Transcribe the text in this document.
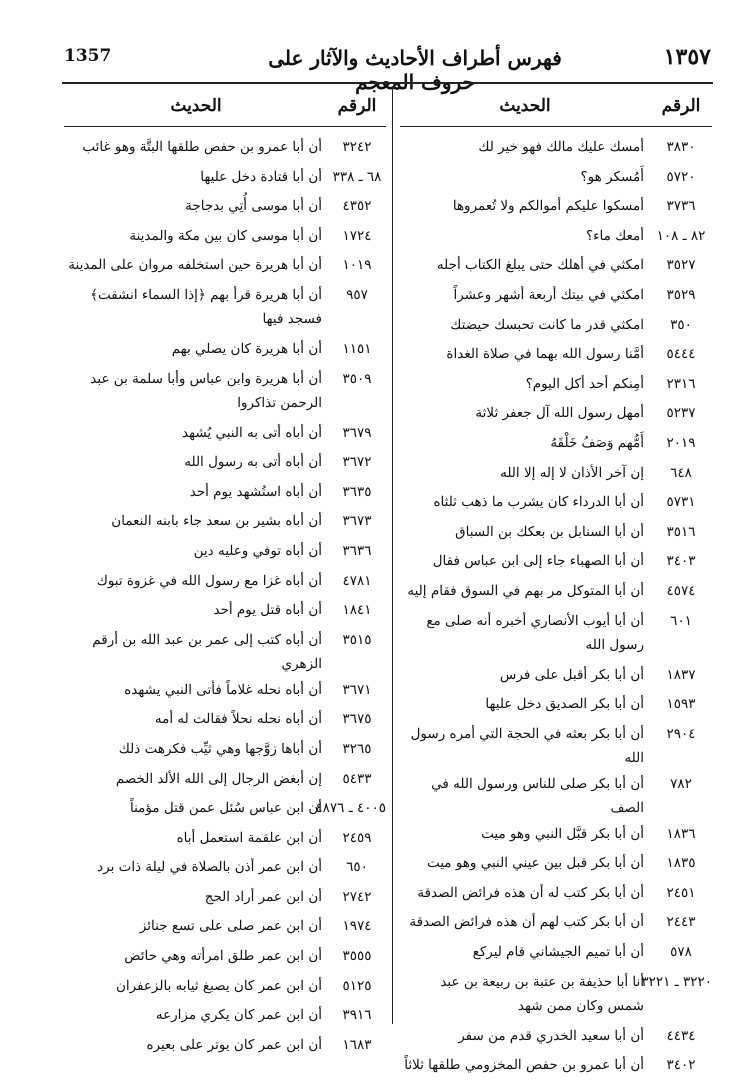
1357	فهرس أطراف الأحاديث والآثار على حروف المعجم
١٣٥٧
الرقم
الحديث
٣٨٣٠
أمسك عليك مالك فهو خير لك
٥٧٢٠
أَمُسكر هو؟
٣٧٣٦
أمسكوا عليكم أموالكم ولا تُعمروها
٨٢ ـ ١٠٨
أمعك ماء؟
٣٥٢٧
امكثي في أهلك حتى يبلغ الكتاب أجله
٣٥٢٩
امكثي في بيتك أربعة أشهر وعشراً
٣٥٠
امكثي قدر ما كانت تحبسك حيضتك
٥٤٤٤
أمَّنا رسول الله بهما في صلاة الغداة
٢٣١٦
أمِنكم أحد أكل اليوم؟
٥٢٣٧
أمهل رسول الله آل جعفر ثلاثة
٢٠١٩
أَمُّهم وَصَفُ خَلْقَهُ
٦٤٨
إن آخر الأذان لا إله إلا الله
٥٧٣١
أن أبا الدرداء كان يشرب ما ذهب ثلثاه
٣٥١٦
أن أبا السنابل بن بعكك بن السباق
٣٤٠٣
أن أبا الصهباء جاء إلى ابن عباس فقال
٤٥٧٤
أن أبا المتوكل مر بهم في السوق فقام إليه
٦٠١
أن أبا أيوب الأنصاري أخبره أنه صلى مع رسول الله
١٨٣٧
أن أبا بكر أقبل على فرس
١٥٩٣
أن أبا بكر الصديق دخل عليها
٢٩٠٤
أن أبا بكر بعثه في الحجة التي أمره رسول الله
٧٨٢
أن أبا بكر صلى للناس ورسول الله في الصف
١٨٣٦
أن أبا بكر قبَّل النبي وهو ميت
١٨٣٥
أن أبا بكر قبل بين عيني النبي وهو ميت
٢٤٥١
أن أبا بكر كتب له أن هذه فرائض الصدقة
٢٤٤٣
أن أبا بكر كتب لهم أن هذه فرائض الصدقة
٥٧٨
أن أبا تميم الجيشاني قام ليركع
٣٢٢٠ ـ ٣٢٢١
أنا أبا حذيفة بن عتبة بن ربيعة بن عبد شمس وكان ممن شهد
٤٤٣٤
أن أبا سعيد الخدري قدم من سفر
٣٤٠٢
أن أبا عمرو بن حفص المخزومي طلقها ثلاثاً
الرقم
الحديث
٣٢٤٢
أن أبا عمرو بن حفص طلقها البتَّة وهو غائب
٦٨ ـ ٣٣٨
أن أبا قتادة دخل عليها
٤٣٥٢
أن أبا موسى أُتِي بدجاجة
١٧٢٤
أن أبا موسى كان بين مكة والمدينة
١٠١٩
أن أبا هريرة حين استخلفه مروان على المدينة
٩٥٧
أن أبا هريرة قرأ بهم ﴿إذا السماء انشقت﴾ فسجد فيها
١١٥١
أن أبا هريرة كان يصلي بهم
٣٥٠٩
أن أبا هريرة وابن عباس وأبا سلمة بن عبد الرحمن تذاكروا
٣٦٧٩
أن أباه أتى به النبي يُشهد
٣٦٧٢
أن أباه أتى به رسول الله
٣٦٣٥
أن أباه استُشهد يوم أحد
٣٦٧٣
أن أباه بشير بن سعد جاء بابنه النعمان
٣٦٣٦
أن أباه توفي وعليه دين
٤٧٨١
أن أباه غزا مع رسول الله في غزوة تبوك
١٨٤١
أن أباه قتل يوم أحد
٣٥١٥
أن أباه كتب إلى عمر بن عبد الله بن أرقم الزهري
٣٦٧١
أن أباه نحله غلاماً فأتى النبي يشهده
٣٦٧٥
أن أباه نحله نحلاً فقالت له أمه
٣٢٦٥
أن أباها زوَّجها وهي ثيِّب فكرهت ذلك
٥٤٣٣
إن أبغض الرجال إلى الله الألد الخصم
٤٠٠٥ ـ ٤٨٧٦
أن ابن عباس سُئل عمن قتل مؤمناً
٢٤٥٩
أن ابن علقمة استعمل أباه
٦٥٠
أن ابن عمر أذن بالصلاة في ليلة ذات برد
٢٧٤٢
أن ابن عمر أراد الحج
١٩٧٤
أن ابن عمر صلى على تسع جنائز
٣٥٥٥
أن ابن عمر طلق امرأته وهي حائض
٥١٢٥
أن ابن عمر كان يصبغ ثيابه بالزعفران
٣٩١٦
أن ابن عمر كان يكري مزارعه
١٦٨٣
أن ابن عمر كان يوتر على بعيره
